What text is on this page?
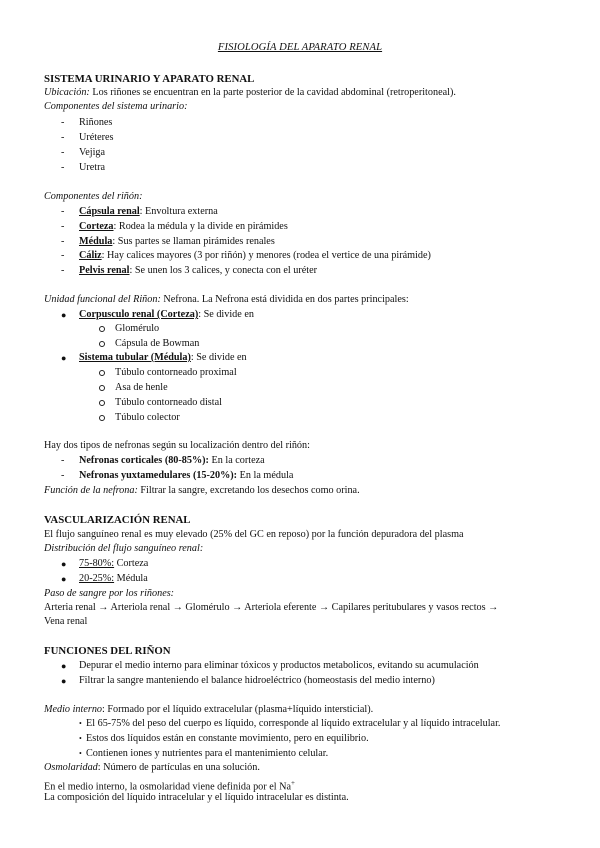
FISIOLOGÍA DEL APARATO RENAL
SISTEMA URINARIO Y APARATO RENAL
Ubicación: Los riñones se encuentran en la parte posterior de la cavidad abdominal (retroperitoneal).
Componentes del sistema urinario:
- Riñones
- Uréteres
- Vejiga
- Uretra
Componentes del riñón:
- Cápsula renal: Envoltura externa
- Corteza: Rodea la médula y la divide en pirámides
- Médula: Sus partes se llaman pirámides renales
- Cáliz: Hay calices mayores (3 por riñón) y menores (rodea el vertice de una pirámide)
- Pelvis renal: Se unen los 3 calices, y conecta con el uréter
Unidad funcional del Riñon: Nefrona. La Nefrona está dividida en dos partes principales:
● Corpusculo renal (Corteza): Se divide en
Glomérulo
Cápsula de Bowman
● Sistema tubular (Médula): Se divide en
Túbulo contorneado proximal
Asa de henle
Túbulo contorneado distal
Túbulo colector
Hay dos tipos de nefronas según su localización dentro del riñón:
- Nefronas corticales (80-85%): En la corteza
- Nefronas yuxtamedulares (15-20%): En la médula
Función de la nefrona: Filtrar la sangre, excretando los desechos como orina.
VASCULARIZACIÓN RENAL
El flujo sanguíneo renal es muy elevado (25% del GC en reposo) por la función depuradora del plasma
Distribución del flujo sanguíneo renal:
● 75-80%: Corteza
● 20-25%: Médula
Paso de sangre por los riñones:
Arteria renal → Arteriola renal → Glomérulo → Arteriola eferente → Capilares peritubulares y vasos rectos →
Vena renal
FUNCIONES DEL RIÑON
● Depurar el medio interno para eliminar tóxicos y productos metabolicos, evitando su acumulación
● Filtrar la sangre manteniendo el balance hidroeléctrico (homeostasis del medio interno)
Medio interno: Formado por el líquido extracelular (plasma+líquido intersticial).
• El 65-75% del peso del cuerpo es líquido, corresponde al líquido extracelular y al líquido intracelular.
• Estos dos líquidos están en constante movimiento, pero en equilibrio.
• Contienen iones y nutrientes para el mantenimiento celular.
Osmolaridad: Número de partículas en una solución.
En el medio interno, la osmolaridad viene definida por el Na+
La composición del líquido intracelular y el líquido intracelular es distinta.
